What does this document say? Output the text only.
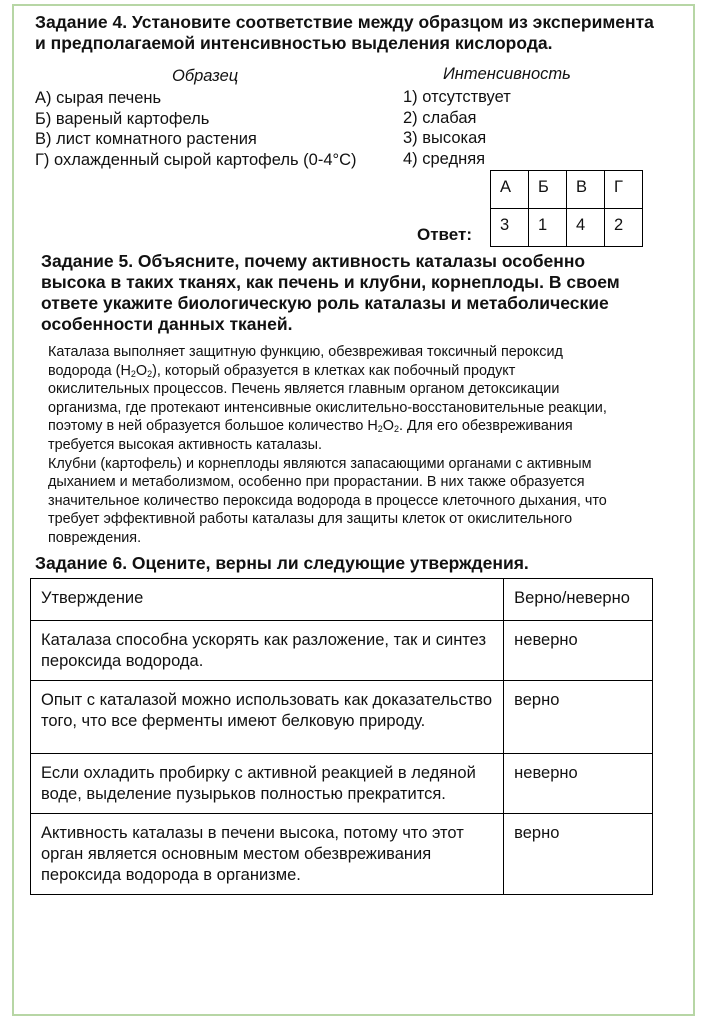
Задание 4. Установите соответствие между образцом из эксперимента
и предполагаемой интенсивностью выделения кислорода.
Образец
А) сырая печень
Б) вареный картофель
В) лист комнатного растения
Г) охлажденный сырой картофель (0-4°С)
Интенсивность
1) отсутствует
2) слабая
3) высокая
4) средняя
Ответ:
А	Б	В	Г
3	1	4	2
Задание 5. Объясните, почему активность каталазы особенно
высока в таких тканях, как печень и клубни, корнеплоды. В своем
ответе укажите биологическую роль каталазы и метаболические
особенности данных тканей.
Каталаза выполняет защитную функцию, обезвреживая токсичный пероксид
водорода $(Н_2О_2)$, который образуется в клетках как побочный продукт
окислительных процессов. Печень является главным органом детоксикации
организма, где протекают интенсивные окислительно-восстановительные реакции,
поэтому в ней образуется большое количество $Н_2О_2$. Для его обезвреживания
требуется высокая активность каталазы.
Клубни (картофель) и корнеплоды являются запасающими органами с активным
дыханием и метаболизмом, особенно при прорастании. В них также образуется
значительное количество пероксида водорода в процессе клеточного дыхания, что
требует эффективной работы каталазы для защиты клеток от окислительного
повреждения.
Задание 6. Оцените, верны ли следующие утверждения.
Утверждение	Верно/неверно
Каталаза способна ускорять как разложение, так и синтез пероксида водорода.	неверно
Опыт с каталазой можно использовать как доказательство того, что все ферменты имеют белковую природу.	верно
Если охладить пробирку с активной реакцией в ледяной воде, выделение пузырьков полностью прекратится.	неверно
Активность каталазы в печени высока, потому что этот орган является основным местом обезвреживания пероксида водорода в организме.	верно
